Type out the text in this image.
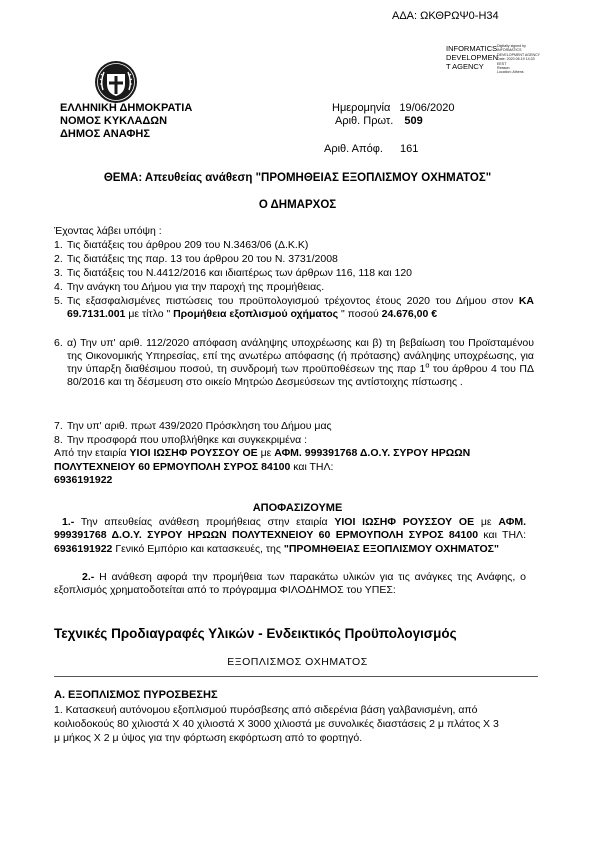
ΑΔΑ: ΩΚΘΡΩΨ0-Η34
INFORMATICS
DEVELOPMEN
T AGENCY
Digitally signed by
INFORMATICS
DEVELOPMENT AGENCY
Date: 2020.06.19 14:33
EEST
Reason:
Location: Athens
ΕΛΛΗΝΙΚΗ ΔΗΜΟΚΡΑΤΙΑ
ΝΟΜΟΣ ΚΥΚΛΑΔΩΝ
ΔΗΜΟΣ ΑΝΑΦΗΣ
Ημερομηνία 19/06/2020
Αριθ. Πρωτ. 509
Αριθ. Απόφ. 161
ΘΕΜΑ: Απευθείας ανάθεση "ΠΡΟΜΗΘΕΙΑΣ ΕΞΟΠΛΙΣΜΟΥ ΟΧΗΜΑΤΟΣ"
Ο ΔΗΜΑΡΧΟΣ
Έχοντας λάβει υπόψη :
1. Τις διατάξεις του άρθρου 209 του Ν.3463/06 (Δ.Κ.Κ)
2. Τις διατάξεις της παρ. 13 του άρθρου 20 του Ν. 3731/2008
3. Τις διατάξεις του Ν.4412/2016 και ιδιαιτέρως των άρθρων 116, 118 και 120
4. Την ανάγκη του Δήμου για την παροχή της προμήθειας.
5. Τις εξασφαλισμένες πιστώσεις του προϋπολογισμού τρέχοντος έτους 2020 του Δήμου στον ΚΑ 69.7131.001 με τίτλο " Προμήθεια εξοπλισμού οχήματος " ποσού 24.676,00 €
6. α) Την υπ' αριθ. 112/2020 απόφαση ανάληψης υποχρέωσης και β) τη βεβαίωση του Προϊσταμένου της Οικονομικής Υπηρεσίας, επί της ανωτέρω απόφασης (ή πρότασης) ανάληψης υποχρέωσης, για την ύπαρξη διαθέσιμου ποσού, τη συνδρομή των προϋποθέσεων της παρ $1^\alpha$ του άρθρου 4 του ΠΔ 80/2016 και τη δέσμευση στο οικείο Μητρώο Δεσμεύσεων της αντίστοιχης πίστωσης .
7. Την υπ' αριθ. πρωτ 439/2020 Πρόσκληση του Δήμου μας
8. Την προσφορά που υποβλήθηκε και συγκεκριμένα :
Από την εταιρία ΥΙΟΙ ΙΩΣΗΦ ΡΟΥΣΣΟΥ ΟΕ με ΑΦΜ. 999391768 Δ.Ο.Υ. ΣΥΡΟΥ ΗΡΩΩΝ ΠΟΛΥΤΕΧΝΕΙΟΥ 60 ΕΡΜΟΥΠΟΛΗ ΣΥΡΟΣ 84100 και ΤΗΛ:
6936191922
ΑΠΟΦΑΣΙΖΟΥΜΕ
1.- Την απευθείας ανάθεση προμήθειας στην εταιρία ΥΙΟΙ ΙΩΣΗΦ ΡΟΥΣΣΟΥ ΟΕ με ΑΦΜ. 999391768 Δ.Ο.Υ. ΣΥΡΟΥ ΗΡΩΩΝ ΠΟΛΥΤΕΧΝΕΙΟΥ 60 ΕΡΜΟΥΠΟΛΗ ΣΥΡΟΣ 84100 και ΤΗΛ: 6936191922 Γενικό Εμπόριο και κατασκευές, της "ΠΡΟΜΗΘΕΙΑΣ ΕΞΟΠΛΙΣΜΟΥ ΟΧΗΜΑΤΟΣ"
2.- Η ανάθεση αφορά την προμήθεια των παρακάτω υλικών για τις ανάγκες της Ανάφης, ο εξοπλισμός χρηματοδοτείται από το πρόγραμμα ΦΙΛΟΔΗΜΟΣ του ΥΠΕΣ:
Τεχνικές Προδιαγραφές Υλικών - Ενδεικτικός Προϋπολογισμός
ΕΞΟΠΛΙΣΜΟΣ ΟΧΗΜΑΤΟΣ
Α. ΕΞΟΠΛΙΣΜΟΣ ΠΥΡΟΣΒΕΣΗΣ
1. Κατασκευή αυτόνομου εξοπλισμού πυρόσβεσης από σιδερένια βάση γαλβανισμένη, από κοιλιοδοκούς 80 χιλιοστά Χ 40 χιλιοστά Χ 3000 χιλιοστά με συνολικές διαστάσεις 2 μ πλάτος Χ 3 μ μήκος Χ 2 μ ύψος για την φόρτωση εκφόρτωση από το φορτηγό.
